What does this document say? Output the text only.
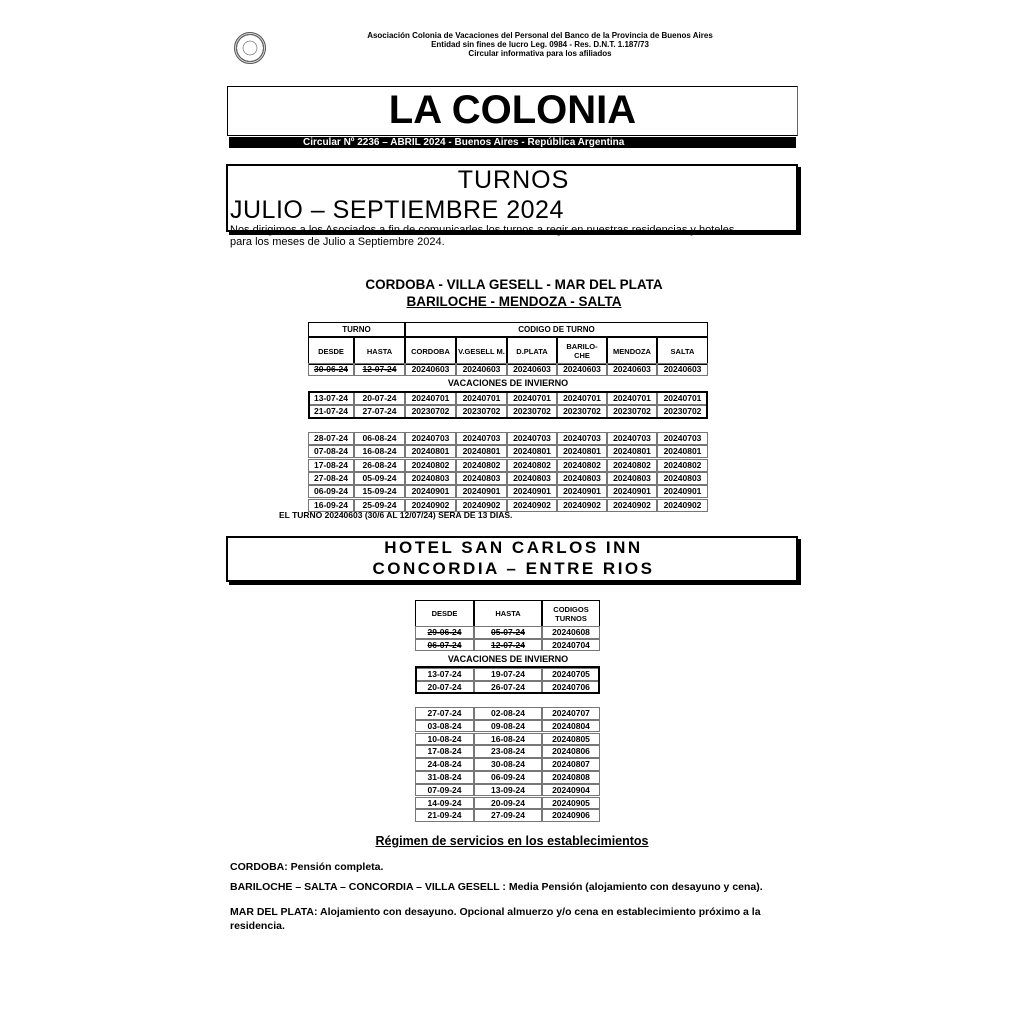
Asociación Colonia de Vacaciones del Personal del Banco de la Provincia de Buenos Aires
Entidad sin fines de lucro Leg. 0984 - Res. D.N.T. 1.187/73
Circular informativa para los afiliados
LA COLONIA
Circular Nº 2236 – ABRIL 2024 - Buenos Aires - República Argentina
TURNOS
JULIO – SEPTIEMBRE 2024
Nos dirigimos a los Asociados a fin de comunicarles los turnos a regir en nuestras residencias y hoteles
para los meses de Julio a Septiembre 2024.
CORDOBA - VILLA GESELL - MAR DEL PLATA
BARILOCHE - MENDOZA - SALTA
TURNO	CODIGO DE TURNO
DESDE	HASTA	CORDOBA	V.GESELL M.	D.PLATA	BARILO- CHE	MENDOZA	SALTA
30-06-24	12-07-24	20240603	20240603	20240603	20240603	20240603	20240603
VACACIONES DE INVIERNO
13-07-24	20-07-24	20240701	20240701	20240701	20240701	20240701	20240701
21-07-24	27-07-24	20230702	20230702	20230702	20230702	20230702	20230702
28-07-24	06-08-24	20240703	20240703	20240703	20240703	20240703	20240703
07-08-24	16-08-24	20240801	20240801	20240801	20240801	20240801	20240801
17-08-24	26-08-24	20240802	20240802	20240802	20240802	20240802	20240802
27-08-24	05-09-24	20240803	20240803	20240803	20240803	20240803	20240803
06-09-24	15-09-24	20240901	20240901	20240901	20240901	20240901	20240901
16-09-24	25-09-24	20240902	20240902	20240902	20240902	20240902	20240902
EL TURNO 20240603 (30/6 AL 12/07/24) SERA DE 13 DIAS.
HOTEL SAN CARLOS INN
CONCORDIA – ENTRE RIOS
DESDE	HASTA	CODIGOS TURNOS
29-06-24	05-07-24	20240608
06-07-24	12-07-24	20240704
VACACIONES DE INVIERNO
13-07-24	19-07-24	20240705
20-07-24	26-07-24	20240706
27-07-24	02-08-24	20240707
03-08-24	09-08-24	20240804
10-08-24	16-08-24	20240805
17-08-24	23-08-24	20240806
24-08-24	30-08-24	20240807
31-08-24	06-09-24	20240808
07-09-24	13-09-24	20240904
14-09-24	20-09-24	20240905
21-09-24	27-09-24	20240906
Régimen de servicios en los establecimientos
CORDOBA: Pensión completa.
BARILOCHE – SALTA – CONCORDIA – VILLA GESELL : Media Pensión (alojamiento con desayuno y cena).
MAR DEL PLATA: Alojamiento con desayuno. Opcional almuerzo y/o cena en establecimiento próximo a la
residencia.
